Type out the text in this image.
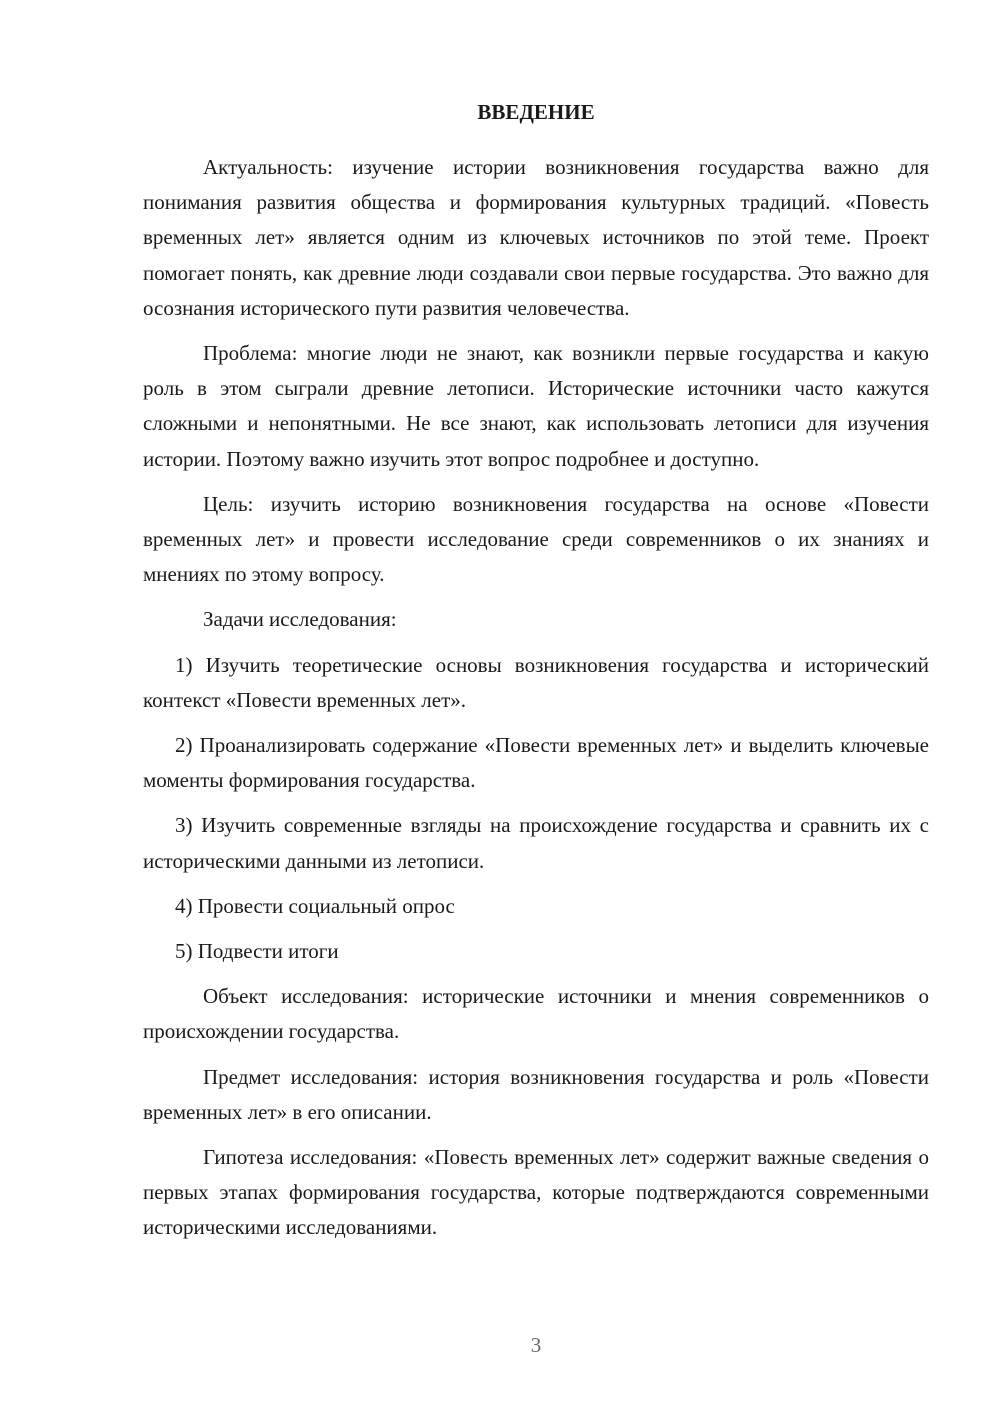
ВВЕДЕНИЕ

Актуальность: изучение истории возникновения государства важно для понимания развития общества и формирования культурных традиций. «Повесть временных лет» является одним из ключевых источников по этой теме. Проект помогает понять, как древние люди создавали свои первые государства. Это важно для осознания исторического пути развития человечества.

Проблема: многие люди не знают, как возникли первые государства и какую роль в этом сыграли древние летописи. Исторические источники часто кажутся сложными и непонятными. Не все знают, как использовать летописи для изучения истории. Поэтому важно изучить этот вопрос подробнее и доступно.

Цель: изучить историю возникновения государства на основе «Повести временных лет» и провести исследование среди современников о их знаниях и мнениях по этому вопросу.

Задачи исследования:

1) Изучить теоретические основы возникновения государства и исторический контекст «Повести временных лет».

2) Проанализировать содержание «Повести временных лет» и выделить ключевые моменты формирования государства.

3) Изучить современные взгляды на происхождение государства и сравнить их с историческими данными из летописи.

4) Провести социальный опрос

5) Подвести итоги

Объект исследования: исторические источники и мнения современников о происхождении государства.

Предмет исследования: история возникновения государства и роль «Повести временных лет» в его описании.

Гипотеза исследования: «Повесть временных лет» содержит важные сведения о первых этапах формирования государства, которые подтверждаются современными историческими исследованиями.

3
